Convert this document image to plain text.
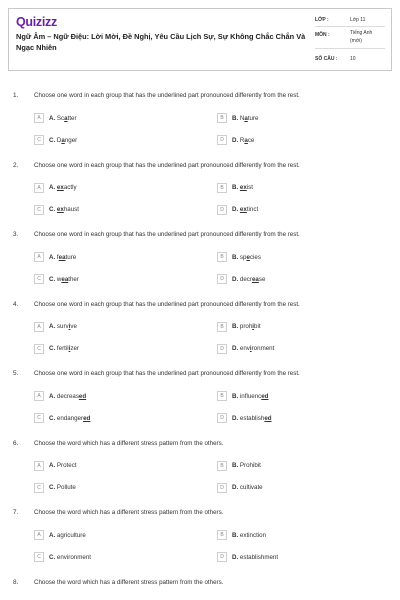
Quizizz
Ngữ Âm – Ngữ Điệu: Lời Mời, Đề Nghị, Yêu Cầu Lịch Sự, Sự Không Chắc Chắn Và Ngạc Nhiên
LỚP :	Lớp 11
MÔN :	Tiếng Anh
(mới)
SỐ CÂU :	10
1.	Choose one word in each group that has the underlined part pronounced differently from the rest.
A	A. Scatter	B	B. Nature
C	C. Danger	D	D. Race
2.	Choose one word in each group that has the underlined part pronounced differently from the rest.
A	A. exactly	B	B. exist
C	C. exhaust	D	D. extinct
3.	Choose one word in each group that has the underlined part pronounced differently from the rest.
A	A. feature	B	B. species
C	C. weather	D	D. decrease
4.	Choose one word in each group that has the underlined part pronounced differently from the rest.
A	A. survive	B	B. prohibit
C	C. fertilizer	D	D. environment
5.	Choose one word in each group that has the underlined part pronounced differently from the rest.
A	A. decreased	B	B. influenced
C	C. endangered	D	D. established
6.	Choose the word which has a different stress pattern from the others.
A	A. Protect	B	B. Prohibit
C	C. Pollute	D	D. cultivate
7.	Choose the word which has a different stress pattern from the others.
A	A. agriculture	B	B. extinction
C	C. environment	D	D. establishment
8.	Choose the word which has a different stress pattern from the others.
